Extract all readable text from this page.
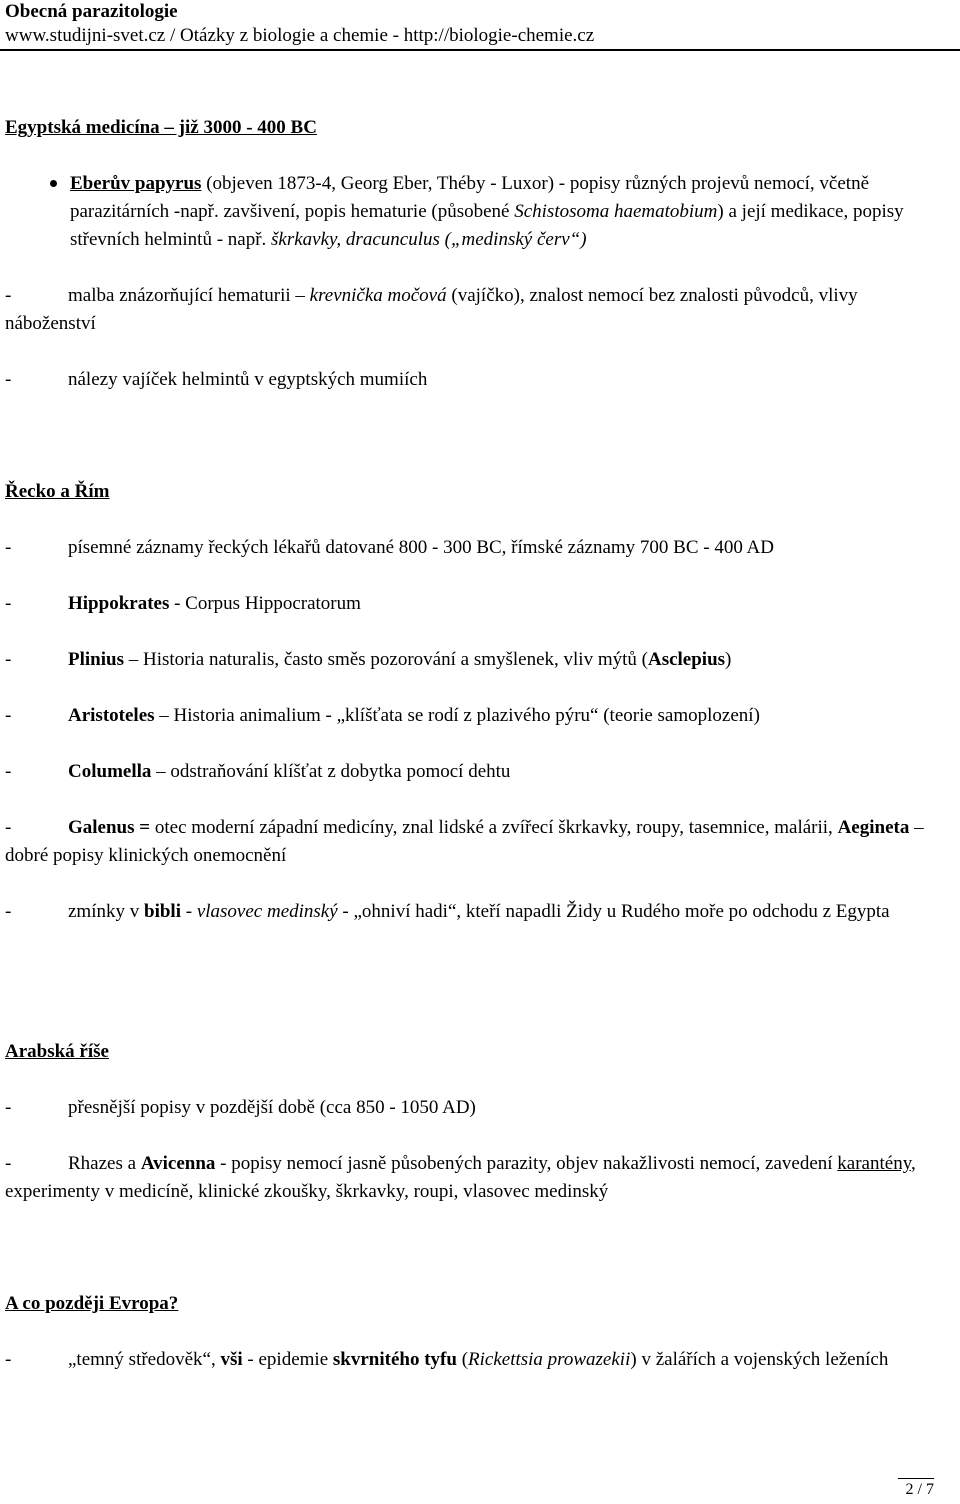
Obecná parazitologie
www.studijni-svet.cz / Otázky z biologie a chemie - http://biologie-chemie.cz
Egyptská medicína – již 3000 - 400 BC
Eberův papyrus (objeven 1873-4, Georg Eber, Théby - Luxor) - popisy různých projevů nemocí, včetně parazitárních -např. zavšivení, popis hematurie (působené Schistosoma haematobium) a její medikace, popisy střevních helmintů - např. škrkavky, dracunculus („medinský červ“)
-	malba znázorňující hematurii – krevnička močová (vajíčko), znalost nemocí bez znalosti původců, vlivy náboženství
-	nálezy vajíček helmintů v egyptských mumiích
Řecko a Řím
-	písemné záznamy řeckých lékařů datované 800 - 300 BC, římské záznamy 700 BC - 400 AD
-	Hippokrates - Corpus Hippocratorum
-	Plinius – Historia naturalis, často směs pozorování a smyšlenek, vliv mýtů (Asclepius)
-	Aristoteles – Historia animalium - „klíšťata se rodí z plazivého pýru“ (teorie samoplození)
-	Columella – odstraňování klíšťat z dobytka pomocí dehtu
-	Galenus = otec moderní západní medicíny, znal lidské a zvířecí škrkavky, roupy, tasemnice, malárii, Aegineta – dobré popisy klinických onemocnění
-	zmínky v bibli - vlasovec medinský - „ohniví hadi“, kteří napadli Židy u Rudého moře po odchodu z Egypta
Arabská říše
-	přesnější popisy v pozdější době (cca 850 - 1050 AD)
-	Rhazes a Avicenna - popisy nemocí jasně působených parazity, objev nakažlivosti nemocí, zavedení karantény, experimenty v medicíně, klinické zkoušky, škrkavky, roupi, vlasovec medinský
A co později Evropa?
-	„temný středověk“, vši - epidemie skvrnitého tyfu (Rickettsia prowazekii) v žalářích a vojenských leženích
2 / 7
